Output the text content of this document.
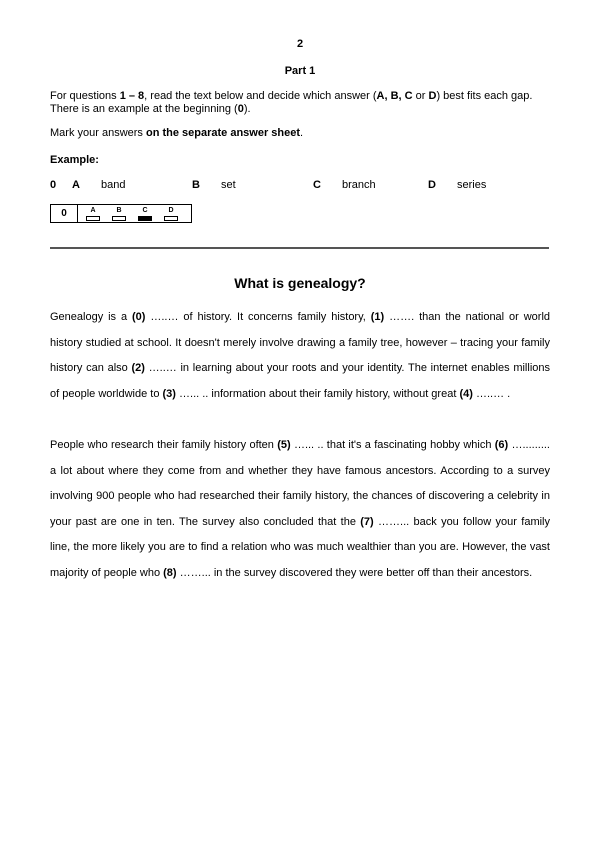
2
Part 1
For questions 1 – 8, read the text below and decide which answer (A, B, C or D) best fits each gap. There is an example at the beginning (0).
Mark your answers on the separate answer sheet.
Example:
0 A band	B set	C branch	D series
0	A	B	C	D
What is genealogy?
Genealogy is a (0) …..… of history. It concerns family history, (1) ……. than the national or world history studied at school. It doesn't merely involve drawing a family tree, however – tracing your family history can also (2) …..… in learning about your roots and your identity. The internet enables millions of people worldwide to (3) …... .. information about their family history, without great (4) …..… .
People who research their family history often (5) …... .. that it's a fascinating hobby which (6) …......... a lot about where they come from and whether they have famous ancestors. According to a survey involving 900 people who had researched their family history, the chances of discovering a celebrity in your past are one in ten. The survey also concluded that the (7) ……... back you follow your family line, the more likely you are to find a relation who was much wealthier than you are. However, the vast majority of people who (8) ……... in the survey discovered they were better off than their ancestors.
